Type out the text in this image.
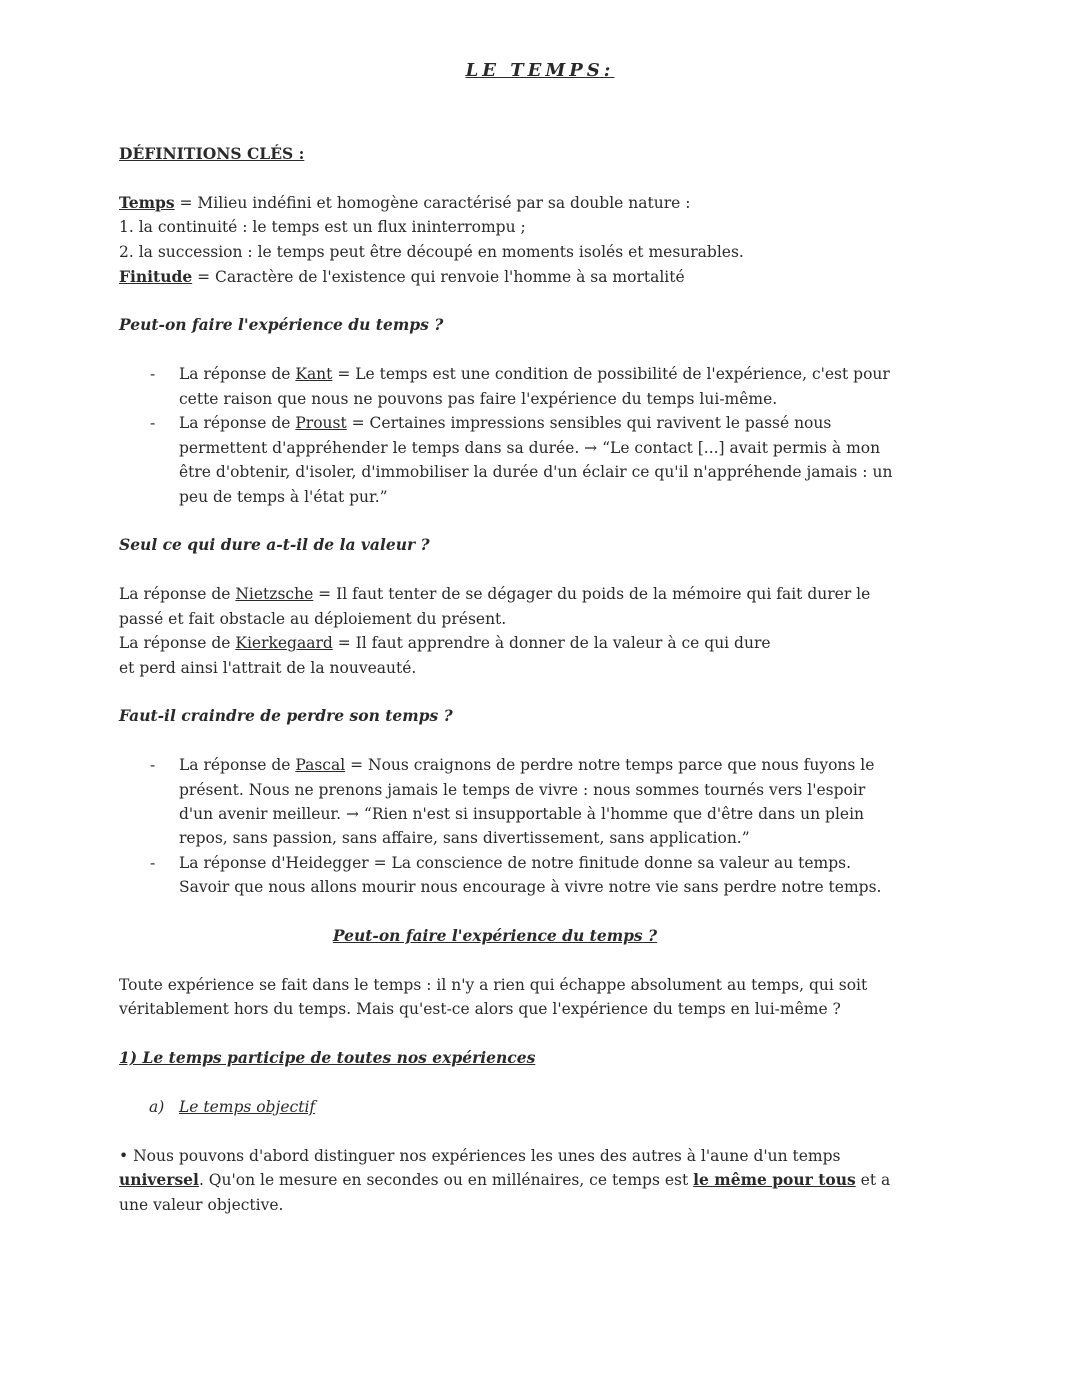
LE TEMPS:
DÉFINITIONS CLÉS :
Temps = Milieu indéfini et homogène caractérisé par sa double nature :
1. la continuité : le temps est un flux ininterrompu ;
2. la succession : le temps peut être découpé en moments isolés et mesurables.
Finitude = Caractère de l'existence qui renvoie l'homme à sa mortalité
Peut-on faire l'expérience du temps ?
- La réponse de Kant = Le temps est une condition de possibilité de l'expérience, c'est pour
cette raison que nous ne pouvons pas faire l'expérience du temps lui-même.
- La réponse de Proust = Certaines impressions sensibles qui ravivent le passé nous
permettent d'appréhender le temps dans sa durée. → “Le contact [...] avait permis à mon
être d'obtenir, d'isoler, d'immobiliser la durée d'un éclair ce qu'il n'appréhende jamais : un
peu de temps à l'état pur.”
Seul ce qui dure a-t-il de la valeur ?
La réponse de Nietzsche = Il faut tenter de se dégager du poids de la mémoire qui fait durer le
passé et fait obstacle au déploiement du présent.
La réponse de Kierkegaard = Il faut apprendre à donner de la valeur à ce qui dure
et perd ainsi l'attrait de la nouveauté.
Faut-il craindre de perdre son temps ?
- La réponse de Pascal = Nous craignons de perdre notre temps parce que nous fuyons le
présent. Nous ne prenons jamais le temps de vivre : nous sommes tournés vers l'espoir
d'un avenir meilleur. → “Rien n'est si insupportable à l'homme que d'être dans un plein
repos, sans passion, sans affaire, sans divertissement, sans application.”
- La réponse d'Heidegger = La conscience de notre finitude donne sa valeur au temps.
Savoir que nous allons mourir nous encourage à vivre notre vie sans perdre notre temps.
Peut-on faire l'expérience du temps ?
Toute expérience se fait dans le temps : il n'y a rien qui échappe absolument au temps, qui soit
véritablement hors du temps. Mais qu'est-ce alors que l'expérience du temps en lui-même ?
1) Le temps participe de toutes nos expériences
a) Le temps objectif
• Nous pouvons d'abord distinguer nos expériences les unes des autres à l'aune d'un temps
universel. Qu'on le mesure en secondes ou en millénaires, ce temps est le même pour tous et a
une valeur objective.
